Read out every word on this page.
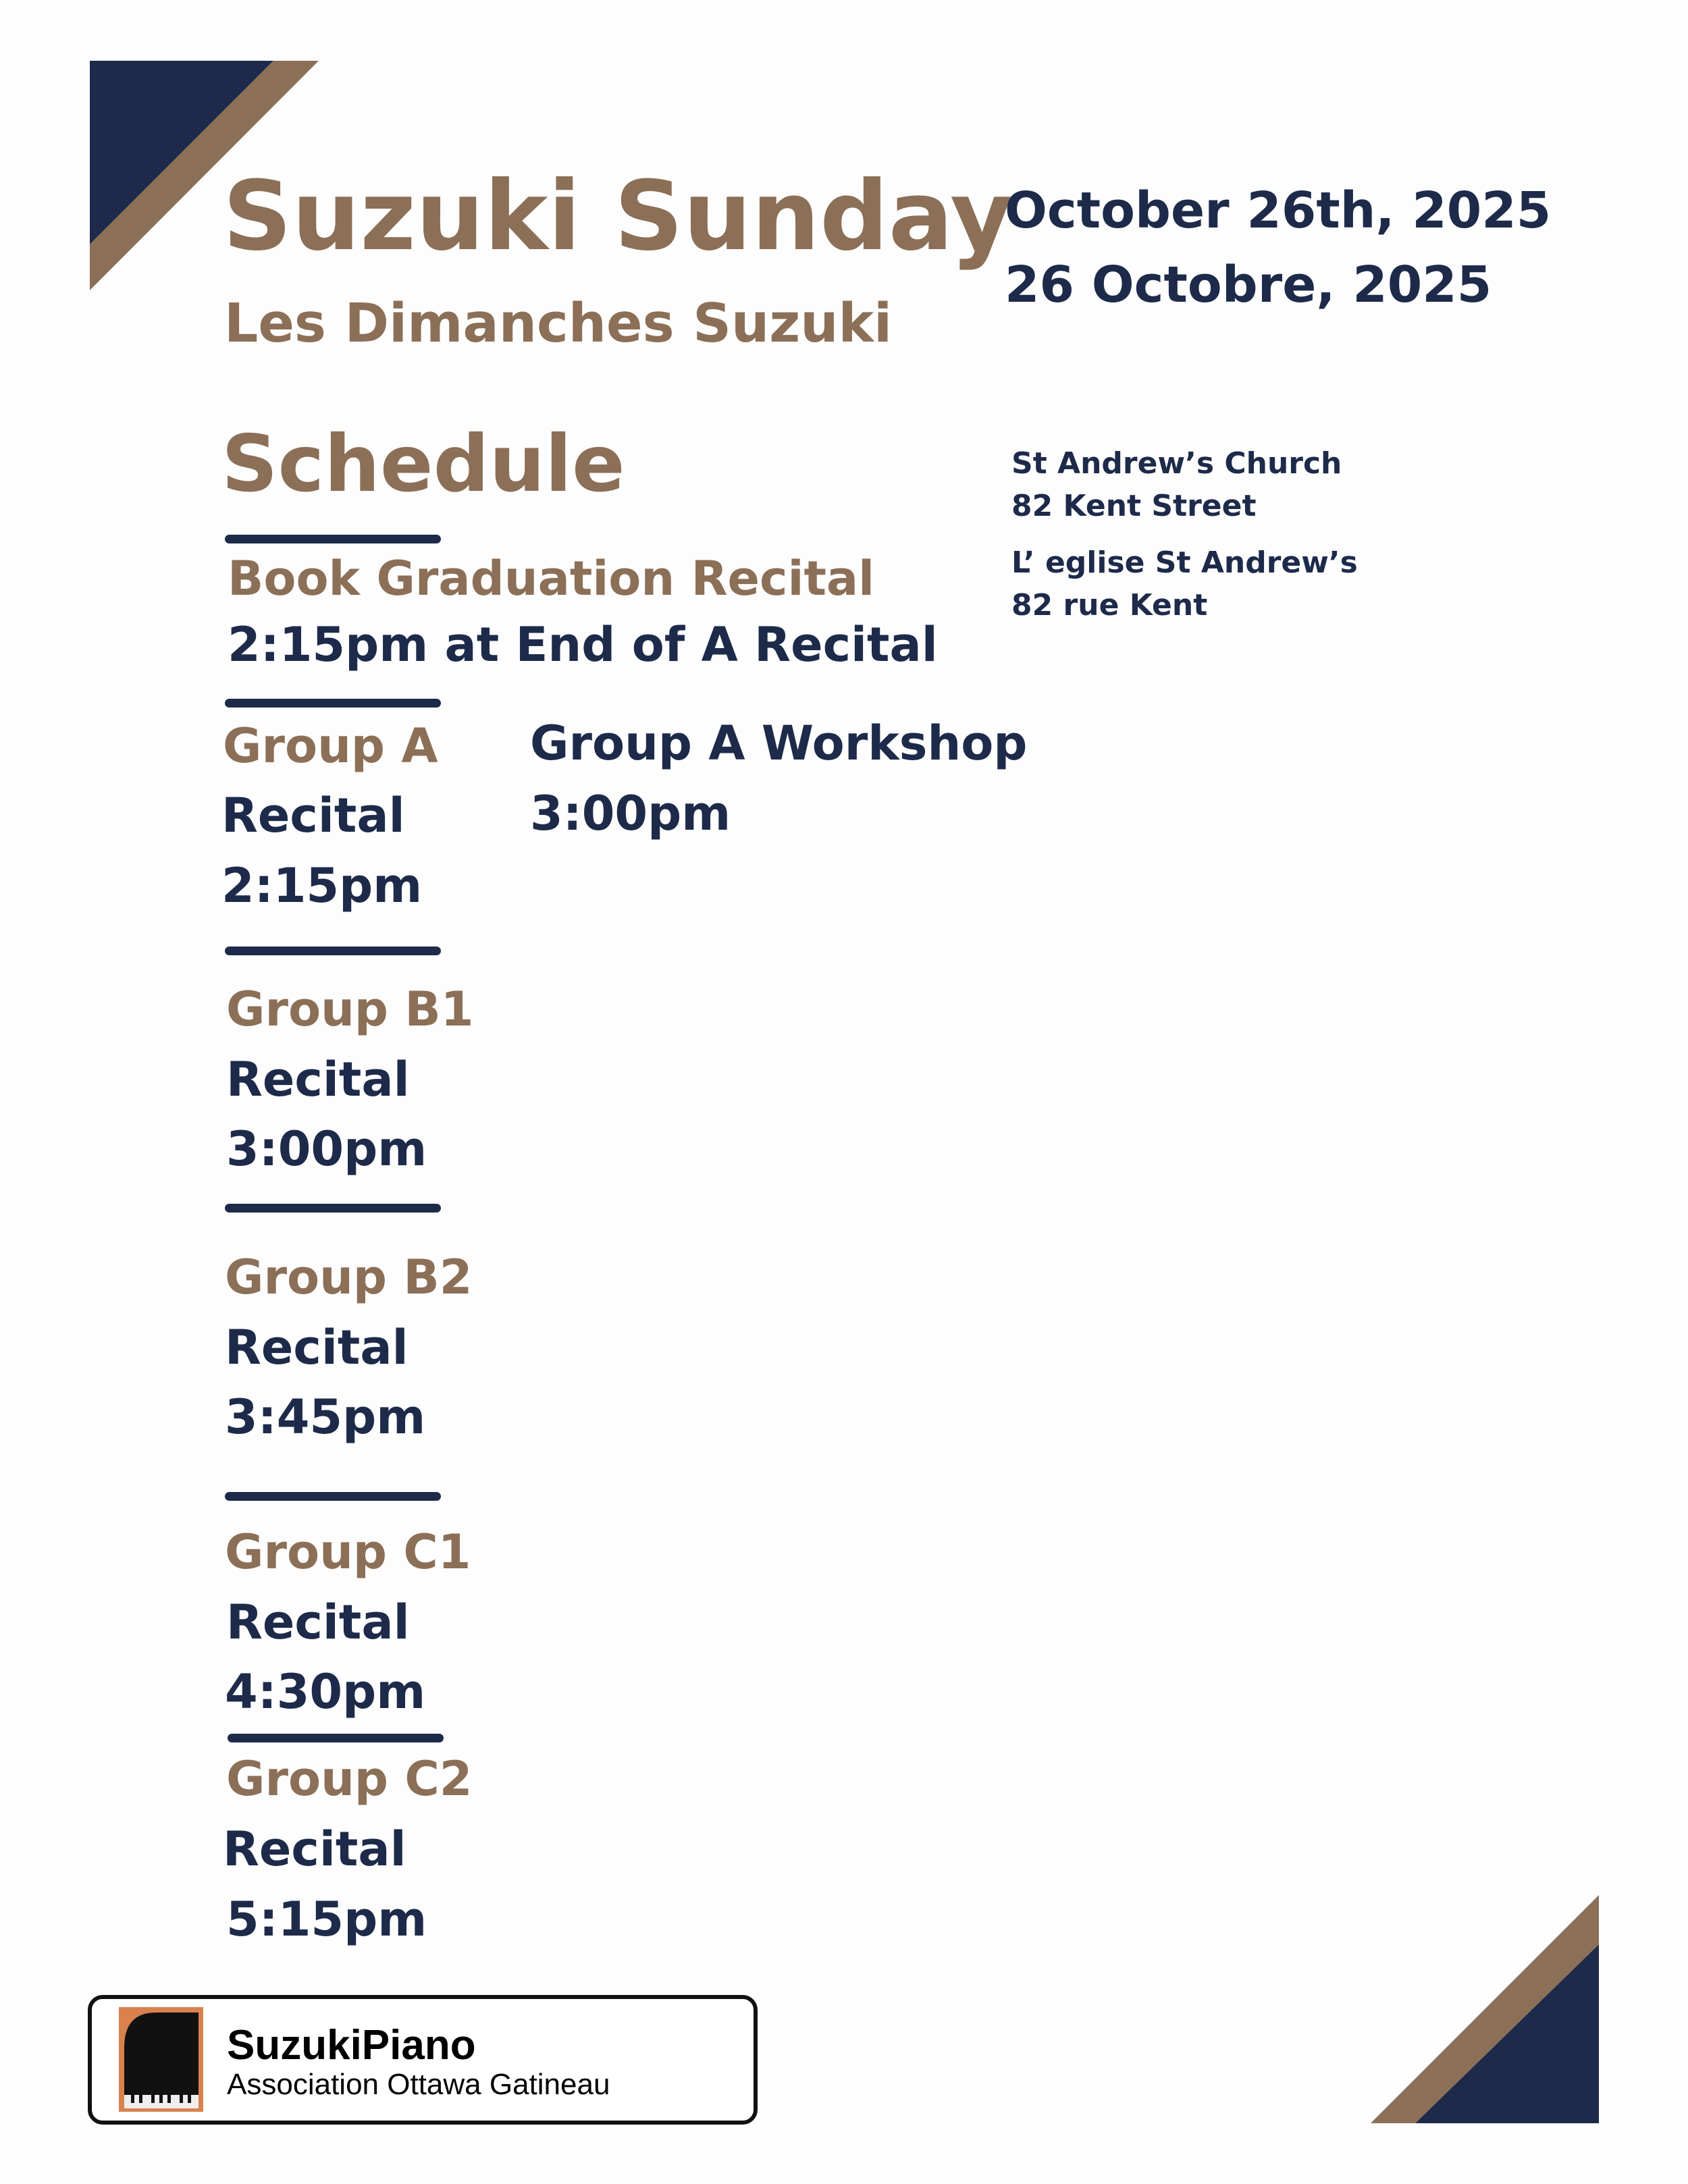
Suzuki Sunday
Les Dimanches Suzuki
October 26th, 2025
26 Octobre, 2025
Schedule	St Andrew’s Church
82 Kent Street
L’ eglise St Andrew’s
82 rue Kent
Book Graduation Recital
2:15pm at End of A Recital
Group A Workshop
3:00pm
Group A
Recital
2:15pm
Group B1
Recital
3:00pm
Group B2
Recital
3:45pm
Group C1
Recital
4:30pm
Group C2
Recital
5:15pm
SuzukiPiano
Association Ottawa Gatineau
